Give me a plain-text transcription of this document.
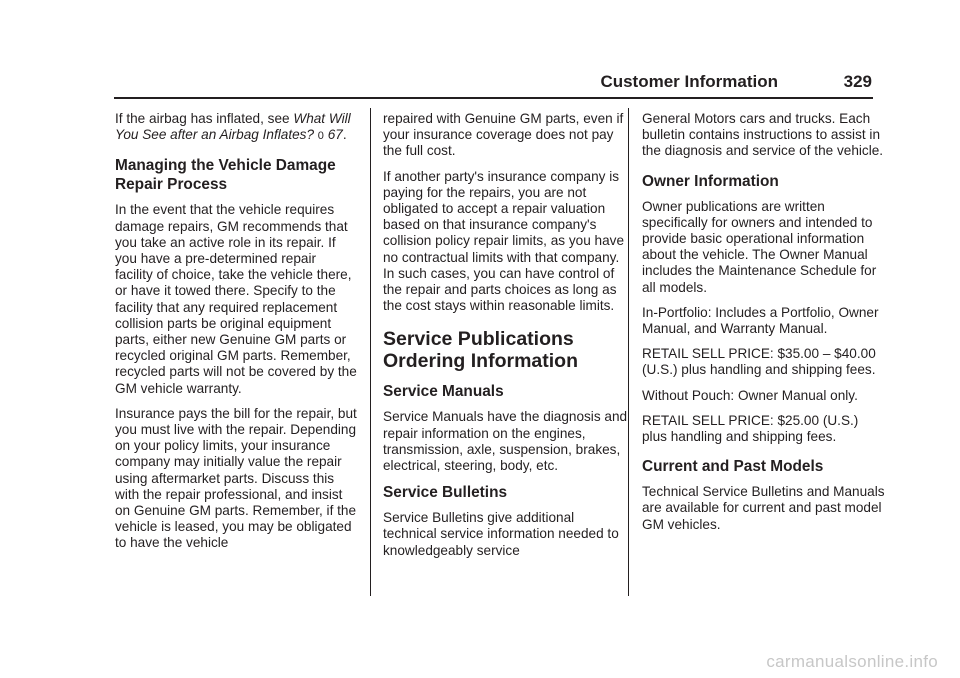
Customer Information	329

If the airbag has inflated, see What Will You See after an Airbag Inflates? 0 67.

Managing the Vehicle Damage Repair Process

In the event that the vehicle requires damage repairs, GM recommends that you take an active role in its repair. If you have a pre-determined repair facility of choice, take the vehicle there, or have it towed there. Specify to the facility that any required replacement collision parts be original equipment parts, either new Genuine GM parts or recycled original GM parts. Remember, recycled parts will not be covered by the GM vehicle warranty.

Insurance pays the bill for the repair, but you must live with the repair. Depending on your policy limits, your insurance company may initially value the repair using aftermarket parts. Discuss this with the repair professional, and insist on Genuine GM parts. Remember, if the vehicle is leased, you may be obligated to have the vehicle

repaired with Genuine GM parts, even if your insurance coverage does not pay the full cost.

If another party's insurance company is paying for the repairs, you are not obligated to accept a repair valuation based on that insurance company's collision policy repair limits, as you have no contractual limits with that company. In such cases, you can have control of the repair and parts choices as long as the cost stays within reasonable limits.

Service Publications Ordering Information
Service Manuals

Service Manuals have the diagnosis and repair information on the engines, transmission, axle, suspension, brakes, electrical, steering, body, etc.

Service Bulletins

Service Bulletins give additional technical service information needed to knowledgeably service

General Motors cars and trucks. Each bulletin contains instructions to assist in the diagnosis and service of the vehicle.

Owner Information

Owner publications are written specifically for owners and intended to provide basic operational information about the vehicle. The Owner Manual includes the Maintenance Schedule for all models.

In-Portfolio: Includes a Portfolio, Owner Manual, and Warranty Manual.

RETAIL SELL PRICE: $35.00 – $40.00 (U.S.) plus handling and shipping fees.

Without Pouch: Owner Manual only.

RETAIL SELL PRICE: $25.00 (U.S.) plus handling and shipping fees.

Current and Past Models

Technical Service Bulletins and Manuals are available for current and past model GM vehicles.

carmanualsonline.info
